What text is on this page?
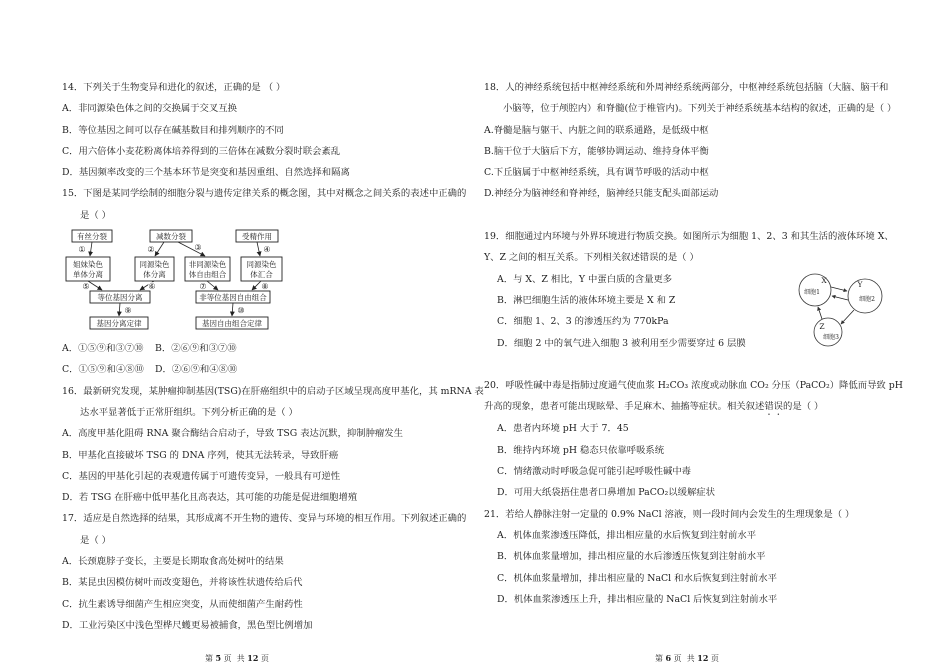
14．下列关于生物变异和进化的叙述，正确的是 （ ）
A．非同源染色体之间的交换属于交叉互换
B．等位基因之间可以存在碱基数目和排列顺序的不同
C．用六倍体小麦花粉离体培养得到的三倍体在减数分裂时联会紊乱
D．基因频率改变的三个基本环节是突变和基因重组、自然选择和隔离
15．下图是某同学绘制的细胞分裂与遗传定律关系的概念图，其中对概念之间关系的表述中正确的
是（ ）
有丝分裂	减数分裂	受精作用
姐妹染色
单体分离
同源染色
体分离
非同源染色
体自由组合
同源染色
体汇合
等位基因分离	非等位基因自由组合
基因分离定律	基因自由组合定律
①	②	③	④
⑤	⑥	⑦	⑧
⑨	⑩
A．①⑤⑨和③⑦⑩ B．②⑥⑨和③⑦⑩
C．①⑤⑨和④⑧⑩ D．②⑥⑨和④⑧⑩
16．最新研究发现，某肿瘤抑制基因(TSG)在肝癌组织中的启动子区域呈现高度甲基化，其 mRNA 表
达水平显著低于正常肝组织。下列分析正确的是（ ）
A．高度甲基化阻碍 RNA 聚合酶结合启动子，导致 TSG 表达沉默，抑制肿瘤发生
B．甲基化直接破坏 TSG 的 DNA 序列，使其无法转录，导致肝癌
C．基因的甲基化引起的表观遗传属于可遗传变异，一般具有可逆性
D．若 TSG 在肝癌中低甲基化且高表达，其可能的功能是促进细胞增殖
17．适应是自然选择的结果，其形成离不开生物的遗传、变异与环境的相互作用。下列叙述正确的
是（ ）
A．长颈鹿脖子变长，主要是长期取食高处树叶的结果
B．某昆虫因模仿树叶而改变翅色，并将该性状遗传给后代
C．抗生素诱导细菌产生相应突变，从而使细菌产生耐药性
D．工业污染区中浅色型桦尺蠖更易被捕食，黑色型比例增加
第 5 页  共 12 页
18．人的神经系统包括中枢神经系统和外周神经系统两部分，中枢神经系统包括脑（大脑、脑干和
小脑等，位于颅腔内）和脊髓(位于椎管内)。下列关于神经系统基本结构的叙述，正确的是（ ）
A.脊髓是脑与躯干、内脏之间的联系通路，是低级中枢
B.脑干位于大脑后下方，能够协调运动、维持身体平衡
C.下丘脑属于中枢神经系统，具有调节呼吸的活动中枢
D.神经分为脑神经和脊神经，脑神经只能支配头面部运动
19．细胞通过内环境与外界环境进行物质交换。如图所示为细胞 1、2、3 和其生活的液体环境 X、
Y、Z 之间的相互关系。下列相关叙述错误的是（ ）
A．与 X、Z 相比，Y 中蛋白质的含量更多
B．淋巴细胞生活的液体环境主要是 X 和 Z
C．细胞 1、2、3 的渗透压约为 770kPa
D．细胞 2 中的氧气进入细胞 3 被利用至少需要穿过 6 层膜
20．呼吸性碱中毒是指肺过度通气使血浆 H₂CO₃ 浓度或动脉血 CO₂ 分压（PaCO₂）降低而导致 pH
升高的现象，患者可能出现眩晕、手足麻木、抽搐等症状。相关叙述错误的是（ ）
A．患者内环境 pH 大于 7．45
B．维持内环境 pH 稳态只依靠呼吸系统
C．情绪激动时呼吸急促可能引起呼吸性碱中毒
D．可用大纸袋捂住患者口鼻增加 PaCO₂以缓解症状
21．若给人静脉注射一定量的 0.9% NaCl 溶液，则一段时间内会发生的生理现象是（ ）
A．机体血浆渗透压降低，排出相应量的水后恢复到注射前水平
B．机体血浆量增加，排出相应量的水后渗透压恢复到注射前水平
C．机体血浆量增加，排出相应量的 NaCl 和水后恢复到注射前水平
D．机体血浆渗透压上升，排出相应量的 NaCl 后恢复到注射前水平
X
细胞1
Y
细胞2
Z
细胞3
第 6 页  共 12 页
